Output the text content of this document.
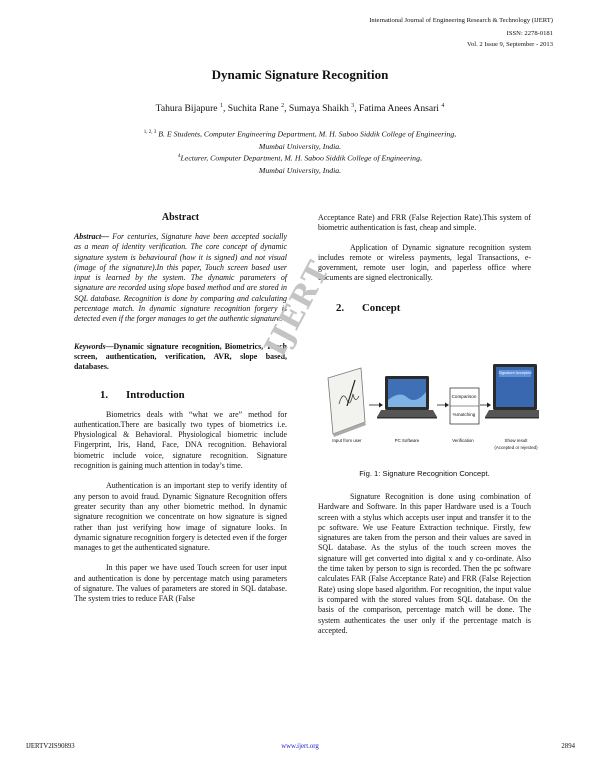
International Journal of Engineering Research & Technology (IJERT)
ISSN: 2278-0181
Vol. 2 Issue 9, September - 2013
Dynamic Signature Recognition
Tahura Bijapure $^1$, Suchita Rane $^2$, Sumaya Shaikh $^3$, Fatima Anees Ansari $^4$
$^{1, 2, 3}$ B. E Students, Computer Engineering Department, M. H. Saboo Siddik College of Engineering,
Mumbai University, India.
$^4$Lecturer, Computer Department, M. H. Saboo Siddik College of Engineering,
Mumbai University, India.
Abstract

Abstract— For centuries, Signature have been accepted socially as a mean of identity verification. The core concept of dynamic signature system is behavioural (how it is signed) and not visual (image of the signature).In this paper, Touch screen based user input is learned by the system. The dynamic parameters of signature are recorded using slope based method and are stored in SQL database. Recognition is done by comparing and calculating percentage match. In dynamic signature recognition forgery is detected even if the forger manages to get the authentic signature.

Keywords—Dynamic signature recognition, Biometrics, Touch screen, authentication, verification, AVR, slope based, databases.

1. Introduction

Biometrics deals with “what we are” method for authentication.There are basically two types of biometrics i.e. Physiological & Behavioral. Physiological biometric include Fingerprint, Iris, Hand, Face, DNA recognition. Behavioral biometric include voice, signature recognition. Signature recognition is gaining much attention in today’s time.

Authentication is an important step to verify identity of any person to avoid fraud. Dynamic Signature Recognition offers greater security than any other biometric method. In dynamic signature recognition we concentrate on how signature is signed rather than just verifying how image of signature looks. In dynamic signature recognition forgery is detected even if the forger manages to get the authenticated signature.

In this paper we have used Touch screen for user input and authentication is done by percentage match using parameters of signature. The values of parameters are stored in SQL database. The system tries to reduce FAR (False

Acceptance Rate) and FRR (False Rejection Rate).This system of biometric authentication is fast, cheap and simple.

Application of Dynamic signature recognition system includes remote or wireless payments, legal Transactions, e-government, remote user login, and paperless office where documents are signed electronically.

2. Concept
Comparison
%matching
Signature Accepted
Input from user	PC Software	Verification	Show result
(Accepted or rejected)
Fig. 1: Signature Recognition Concept.

Signature Recognition is done using combination of Hardware and Software. In this paper Hardware used is a Touch screen with a stylus which accepts user input and transfer it to the pc software. We use Feature Extraction technique. Firstly, few signatures are taken from the person and their values are saved in SQL database. As the stylus of the touch screen moves the signature will get converted into digital x and y co-ordinate. Also the time taken by person to sign is recorded. Then the pc software calculates FAR (False Acceptance Rate) and FRR (False Rejection Rate) using slope based algorithm. For recognition, the input value is compared with the stored values from SQL database. On the basis of the comparison, percentage match will be done. The system authenticates the user only if the percentage match is accepted.

IJERT
IJERTV2IS90893	www.ijert.org	2894
